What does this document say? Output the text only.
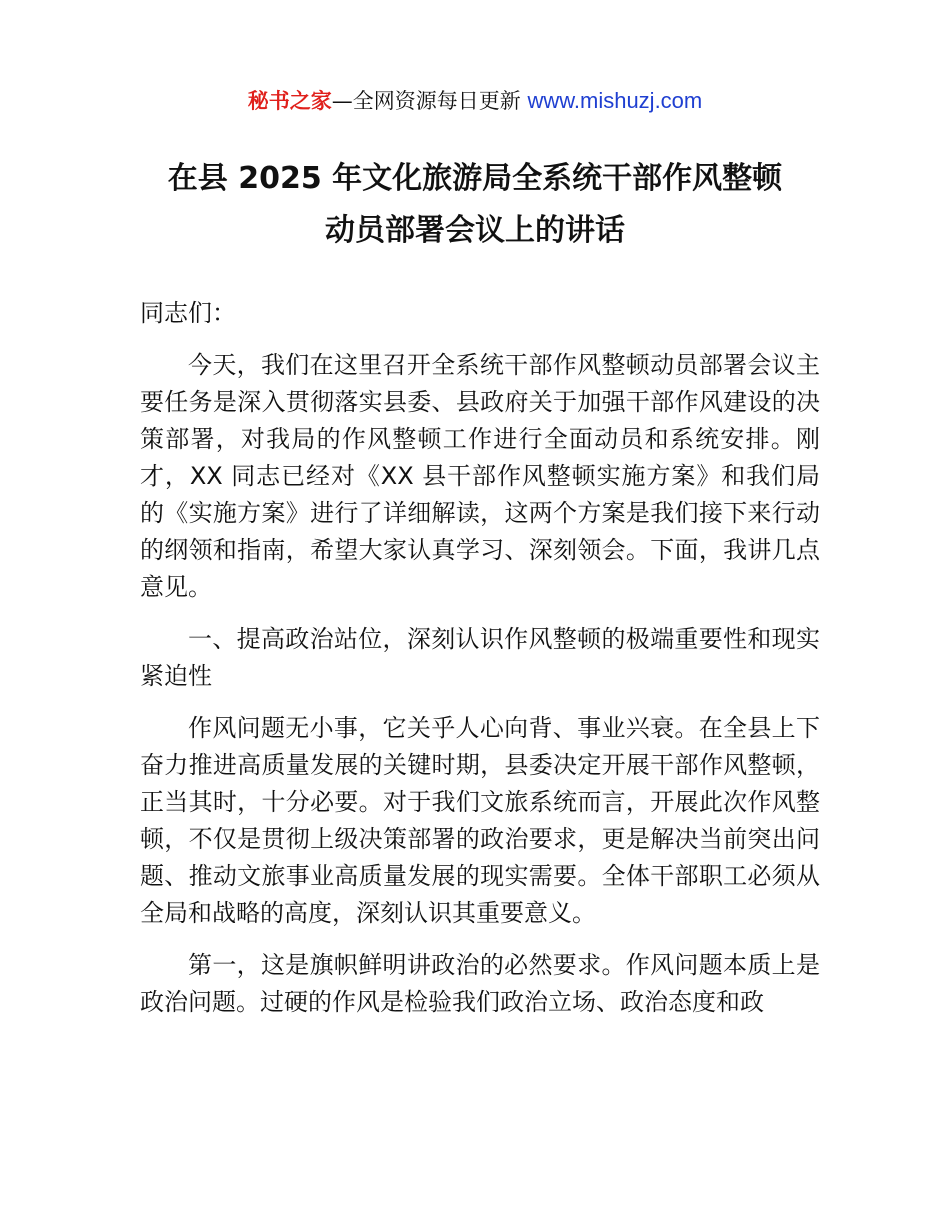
秘书之家—全网资源每日更新 www.mishuzj.com
在县 2025 年文化旅游局全系统干部作风整顿
动员部署会议上的讲话

同志们：

今天，我们在这里召开全系统干部作风整顿动员部署会议主要任务是深入贯彻落实县委、县政府关于加强干部作风建设的决策部署，对我局的作风整顿工作进行全面动员和系统安排。刚才，XX 同志已经对《XX 县干部作风整顿实施方案》和我们局的《实施方案》进行了详细解读，这两个方案是我们接下来行动的纲领和指南，希望大家认真学习、深刻领会。下面，我讲几点意见。

一、提高政治站位，深刻认识作风整顿的极端重要性和现实紧迫性

作风问题无小事，它关乎人心向背、事业兴衰。在全县上下奋力推进高质量发展的关键时期，县委决定开展干部作风整顿，正当其时，十分必要。对于我们文旅系统而言，开展此次作风整顿，不仅是贯彻上级决策部署的政治要求，更是解决当前突出问题、推动文旅事业高质量发展的现实需要。全体干部职工必须从全局和战略的高度，深刻认识其重要意义。

第一，这是旗帜鲜明讲政治的必然要求。作风问题本质上是政治问题。过硬的作风是检验我们政治立场、政治态度和政
